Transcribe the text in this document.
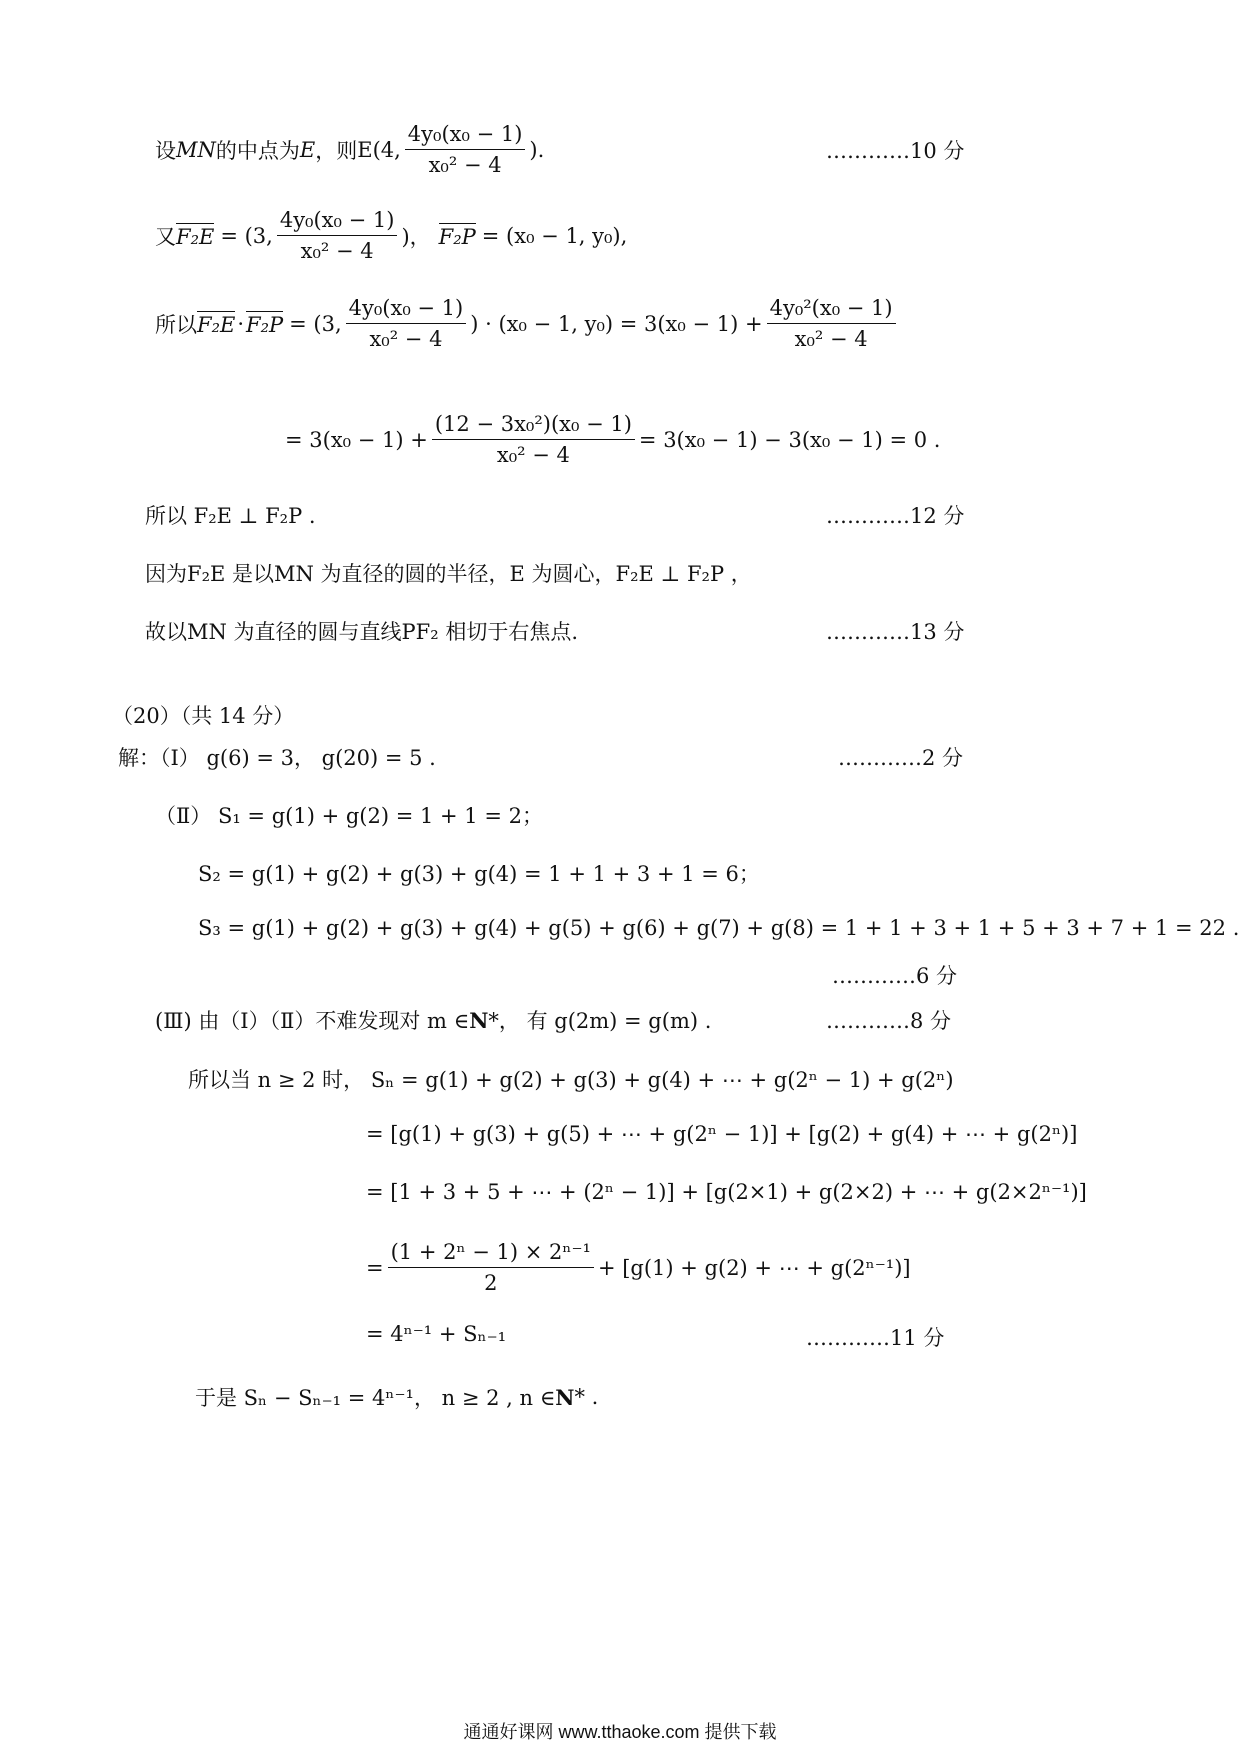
设 MN 的中点为 E ，则 E(4, $\frac{\text{4y₀(x₀ − 1)}}{\text{x₀² − 4}}$ ).	…………10 分
又 F₂E = (3, $\frac{\text{4y₀(x₀ − 1)}}{\text{x₀² − 4}}$ )， F₂P = (x₀ − 1, y₀),
所以 F₂E · F₂P = (3, $\frac{\text{4y₀(x₀ − 1)}}{\text{x₀² − 4}}$ ) · (x₀ − 1, $y_0) = 3(x_0 - 1) + \frac{\text{4y₀²(x₀ − 1)}}{\text{x₀² − 4}}$
= $3(x_0 - 1) + \frac{\text{(12 − 3x₀²)(x₀ − 1)}}{\text{x₀² − 4}} = 3(x_0 - 1) - 3(x_0 - 1) = 0$ .
所以 F₂E ⊥ F₂P .	…………12 分
因为F₂E 是以MN 为直径的圆的半径，E 为圆心，F₂E ⊥ F₂P ，
故以MN 为直径的圆与直线PF₂ 相切于右焦点.	…………13 分
（20）（共 14 分）
解：（Ⅰ） g(6) = 3， g(20) = 5 .	…………2 分
（Ⅱ） S₁ = g(1) + g(2) = 1 + 1 = 2；
S₂ = g(1) + g(2) + g(3) + g(4) = 1 + 1 + 3 + 1 = 6；
S₃ = g(1) + g(2) + g(3) + g(4) + g(5) + g(6) + g(7) + g(8) = 1 + 1 + 3 + 1 + 5 + 3 + 7 + 1 = 22 .
…………6 分
(Ⅲ) 由（Ⅰ）（Ⅱ）不难发现对 m ∈ N *， 有 g(2m) = g(m) .	…………8 分
所以当 n ≥ 2 时， Sₙ = g(1) + g(2) + g(3) + g(4) + ⋯ + g(2ⁿ − 1) + g(2ⁿ)
= [g(1) + g(3) + g(5) + ⋯ + g(2ⁿ − 1)] + [g(2) + g(4) + ⋯ + g(2ⁿ)]
= [1 + 3 + 5 + ⋯ + (2ⁿ − 1)] + [g(2×1) + g(2×2) + ⋯ + g(2×2ⁿ⁻¹)]
= $\frac{\text{(1 + 2ⁿ − 1) × 2ⁿ⁻¹}}{2} + [g(1) + g(2)$ + ⋯ + g(2ⁿ⁻¹)]
= 4ⁿ⁻¹ + Sₙ₋₁	…………11 分
于是 Sₙ − Sₙ₋₁ = 4ⁿ⁻¹， n ≥ 2 , n ∈ N * .
通通好课网 www.tthaoke.com 提供下载
